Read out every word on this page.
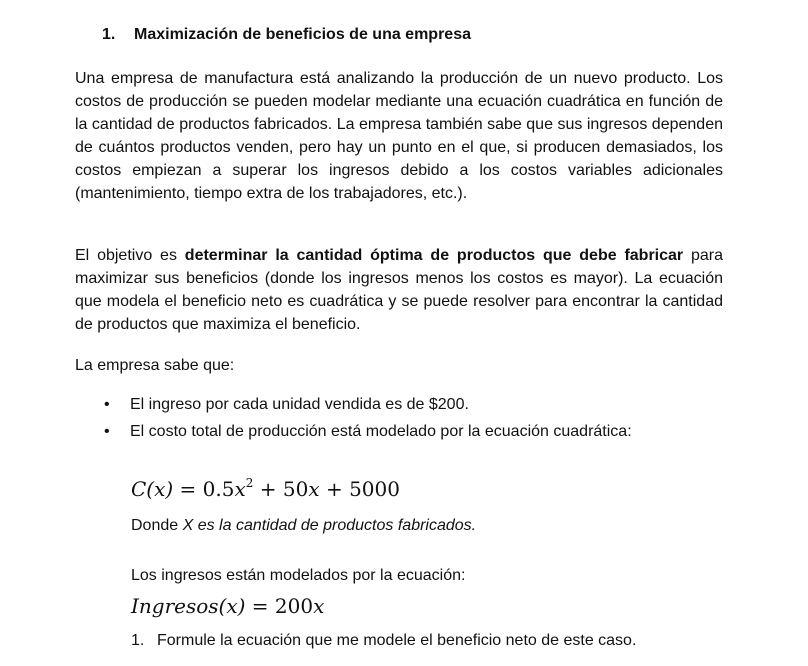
1. Maximización de beneficios de una empresa

Una empresa de manufactura está analizando la producción de un nuevo producto. Los costos de producción se pueden modelar mediante una ecuación cuadrática en función de la cantidad de productos fabricados. La empresa también sabe que sus ingresos dependen de cuántos productos venden, pero hay un punto en el que, si producen demasiados, los costos empiezan a superar los ingresos debido a los costos variables adicionales (mantenimiento, tiempo extra de los trabajadores, etc.).

El objetivo es determinar la cantidad óptima de productos que debe fabricar para maximizar sus beneficios (donde los ingresos menos los costos es mayor). La ecuación que modela el beneficio neto es cuadrática y se puede resolver para encontrar la cantidad de productos que maximiza el beneficio.

La empresa sabe que:

• El ingreso por cada unidad vendida es de $200.
• El costo total de producción está modelado por la ecuación cuadrática:
$C(x) = 0.5x^2 + 50x + 5000$
Donde X es la cantidad de productos fabricados.
Los ingresos están modelados por la ecuación:
Ingresos(x) = 200x
1. Formule la ecuación que me modele el beneficio neto de este caso.
